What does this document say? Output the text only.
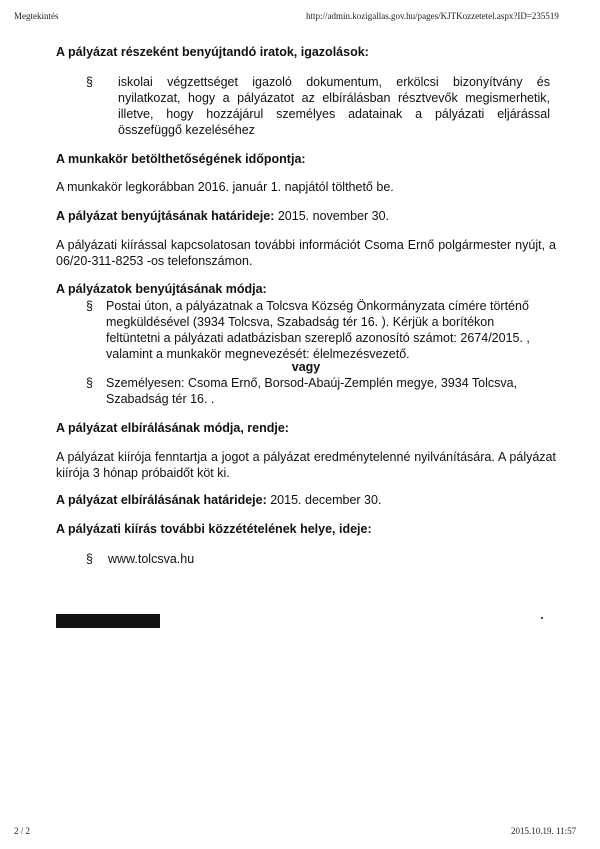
Megtekintés	http://admin.kozigallas.gov.hu/pages/KJTKozzetetel.aspx?ID=235519

A pályázat részeként benyújtandó iratok, igazolások:

§ iskolai végzettséget igazoló dokumentum, erkölcsi bizonyítvány és nyilatkozat, hogy a pályázatot az elbírálásban résztvevők megismerhetik, illetve, hogy hozzájárul személyes adatainak a pályázati eljárással összefüggő kezeléséhez

A munkakör betölthetőségének időpontja:

A munkakör legkorábban 2016. január 1. napjától tölthető be.
A pályázat benyújtásának határideje: 2015. november 30.
A pályázati kiírással kapcsolatosan további információt Csoma Ernő polgármester nyújt, a 06/20-311-8253 -os telefonszámon.

A pályázatok benyújtásának módja:

§ Postai úton, a pályázatnak a Tolcsva Község Önkormányzata címére történő megküldésével (3934 Tolcsva, Szabadság tér 16. ). Kérjük a borítékon feltüntetni a pályázati adatbázisban szereplő azonosító számot: 2674/2015. , valamint a munkakör megnevezését: élelmezésvezető.
vagy
§ Személyesen: Csoma Ernő, Borsod-Abaúj-Zemplén megye, 3934 Tolcsva, Szabadság tér 16. .

A pályázat elbírálásának módja, rendje:

A pályázat kiírója fenntartja a jogot a pályázat eredménytelenné nyilvánítására. A pályázat kiírója 3 hónap próbaidőt köt ki.
A pályázat elbírálásának határideje: 2015. december 30.

A pályázati kiírás további közzétételének helye, ideje:

§ www.tolcsva.hu
2 / 2	2015.10.19. 11:57
